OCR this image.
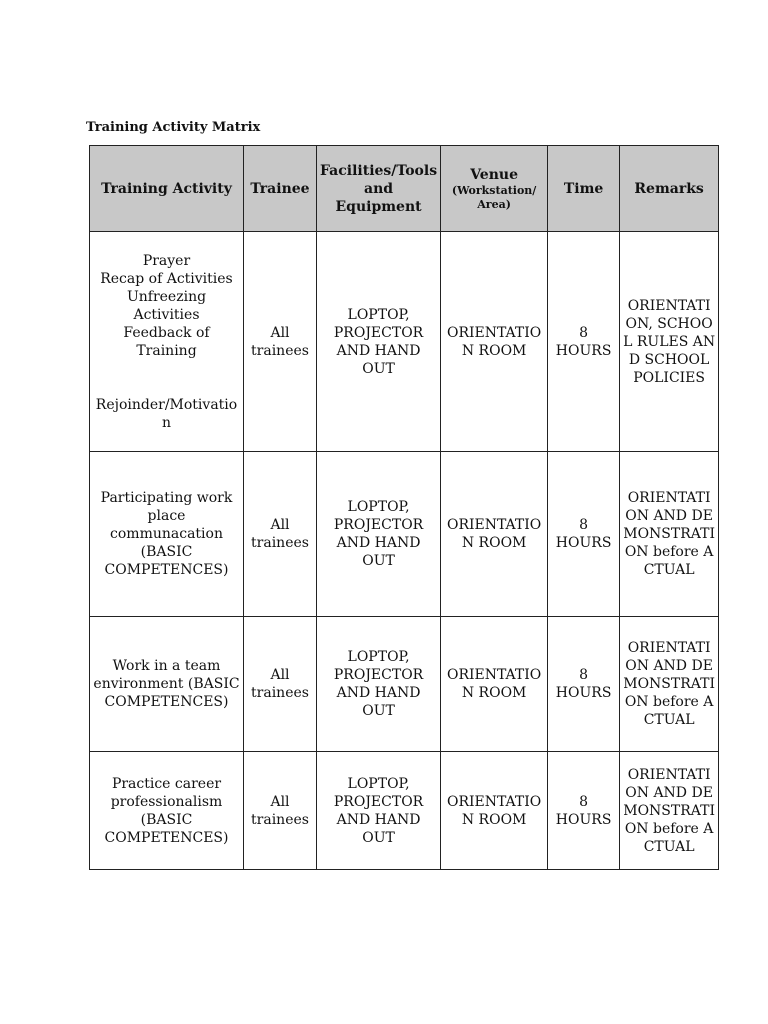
Training Activity Matrix
Training Activity	Trainee	Facilities/Tools and Equipment	Venue
(Workstation/ Area)	Time	Remarks

Prayer
Recap of Activities
Unfreezing Activities
Feedback of Training
Rejoinder/Motivation	All trainees	LOPTOP, PROJECTOR AND HAND OUT	ORIENTATION ROOM	8 HOURS	ORIENTATION, SCHOOL RULES AND SCHOOL POLICIES
Participating work place communacation (BASIC COMPETENCES)	All trainees	LOPTOP, PROJECTOR AND HAND OUT	ORIENTATION ROOM	8 HOURS	ORIENTATION AND DEMONSTRATION before ACTUAL
Work in a team environment (BASIC COMPETENCES)	All trainees	LOPTOP, PROJECTOR AND HAND OUT	ORIENTATION ROOM	8 HOURS	ORIENTATION AND DEMONSTRATION before ACTUAL
Practice career professionalism (BASIC COMPETENCES)	All trainees	LOPTOP, PROJECTOR AND HAND OUT	ORIENTATION ROOM	8 HOURS	ORIENTATION AND DEMONSTRATION before ACTUAL
